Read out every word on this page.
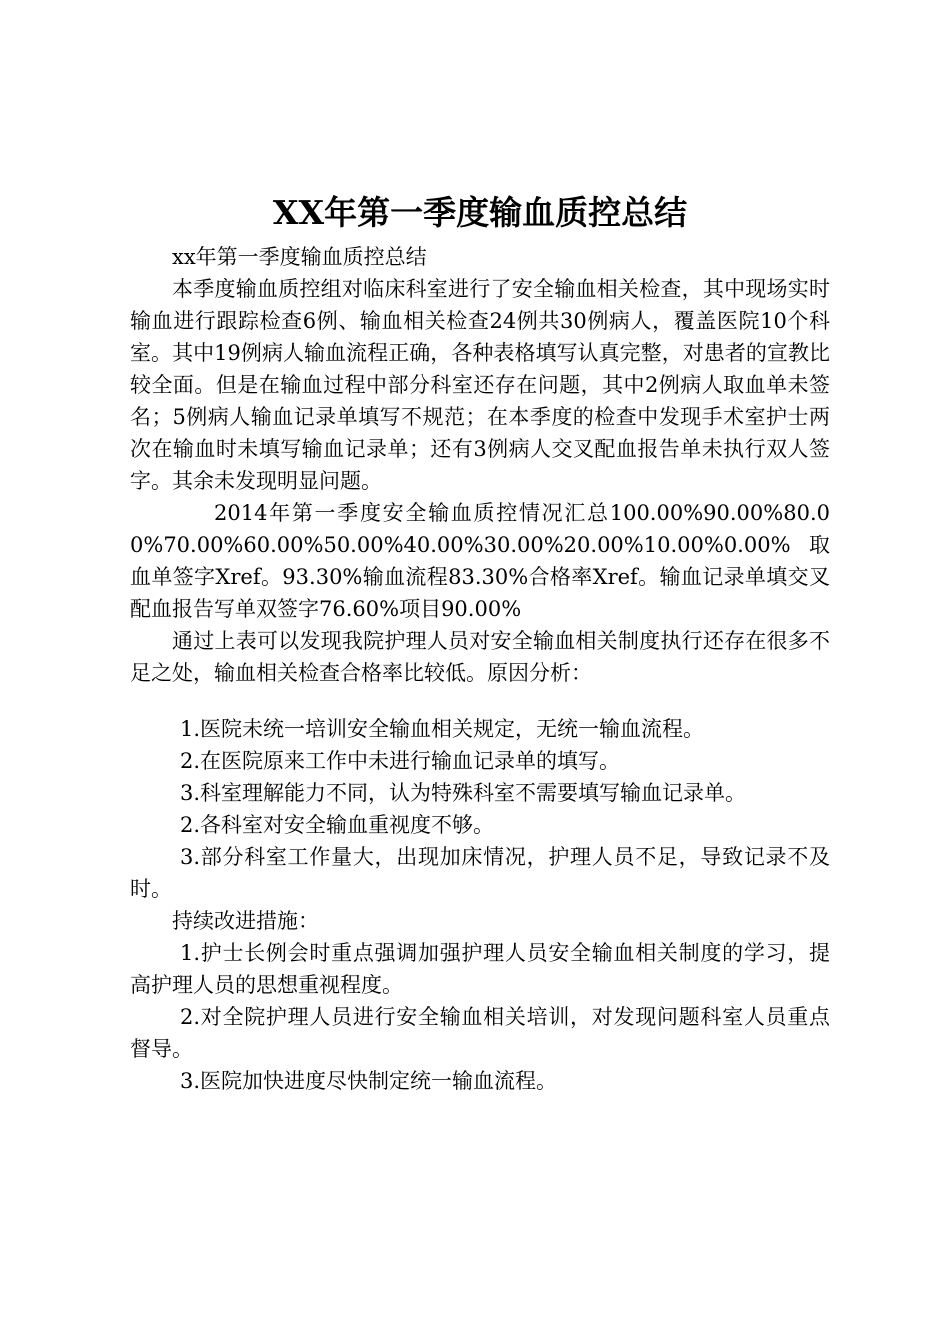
XX年第一季度输血质控总结

xx年第一季度输血质控总结

本季度输血质控组对临床科室进行了安全输血相关检查，其中现场实时输血进行跟踪检查6例、输血相关检查24例共30例病人，覆盖医院10个科室。其中19例病人输血流程正确，各种表格填写认真完整，对患者的宣教比较全面。但是在输血过程中部分科室还存在问题，其中2例病人取血单未签名；5例病人输血记录单填写不规范；在本季度的检查中发现手术室护士两次在输血时未填写输血记录单；还有3例病人交叉配血报告单未执行双人签字。其余未发现明显问题。

2014年第一季度安全输血质控情况汇总100.00%90.00%80.00%70.00%60.00%50.00%40.00%30.00%20.00%10.00%0.00%取血单签字Xref。93.30%输血流程83.30%合格率Xref。输血记录单填交叉配血报告写单双签字76.60%项目90.00%

通过上表可以发现我院护理人员对安全输血相关制度执行还存在很多不足之处，输血相关检查合格率比较低。原因分析：

1.医院未统一培训安全输血相关规定，无统一输血流程。

2.在医院原来工作中未进行输血记录单的填写。

3.科室理解能力不同，认为特殊科室不需要填写输血记录单。

2.各科室对安全输血重视度不够。

3.部分科室工作量大，出现加床情况，护理人员不足，导致记录不及时。

持续改进措施：

1.护士长例会时重点强调加强护理人员安全输血相关制度的学习，提高护理人员的思想重视程度。

2.对全院护理人员进行安全输血相关培训，对发现问题科室人员重点督导。

3.医院加快进度尽快制定统一输血流程。
